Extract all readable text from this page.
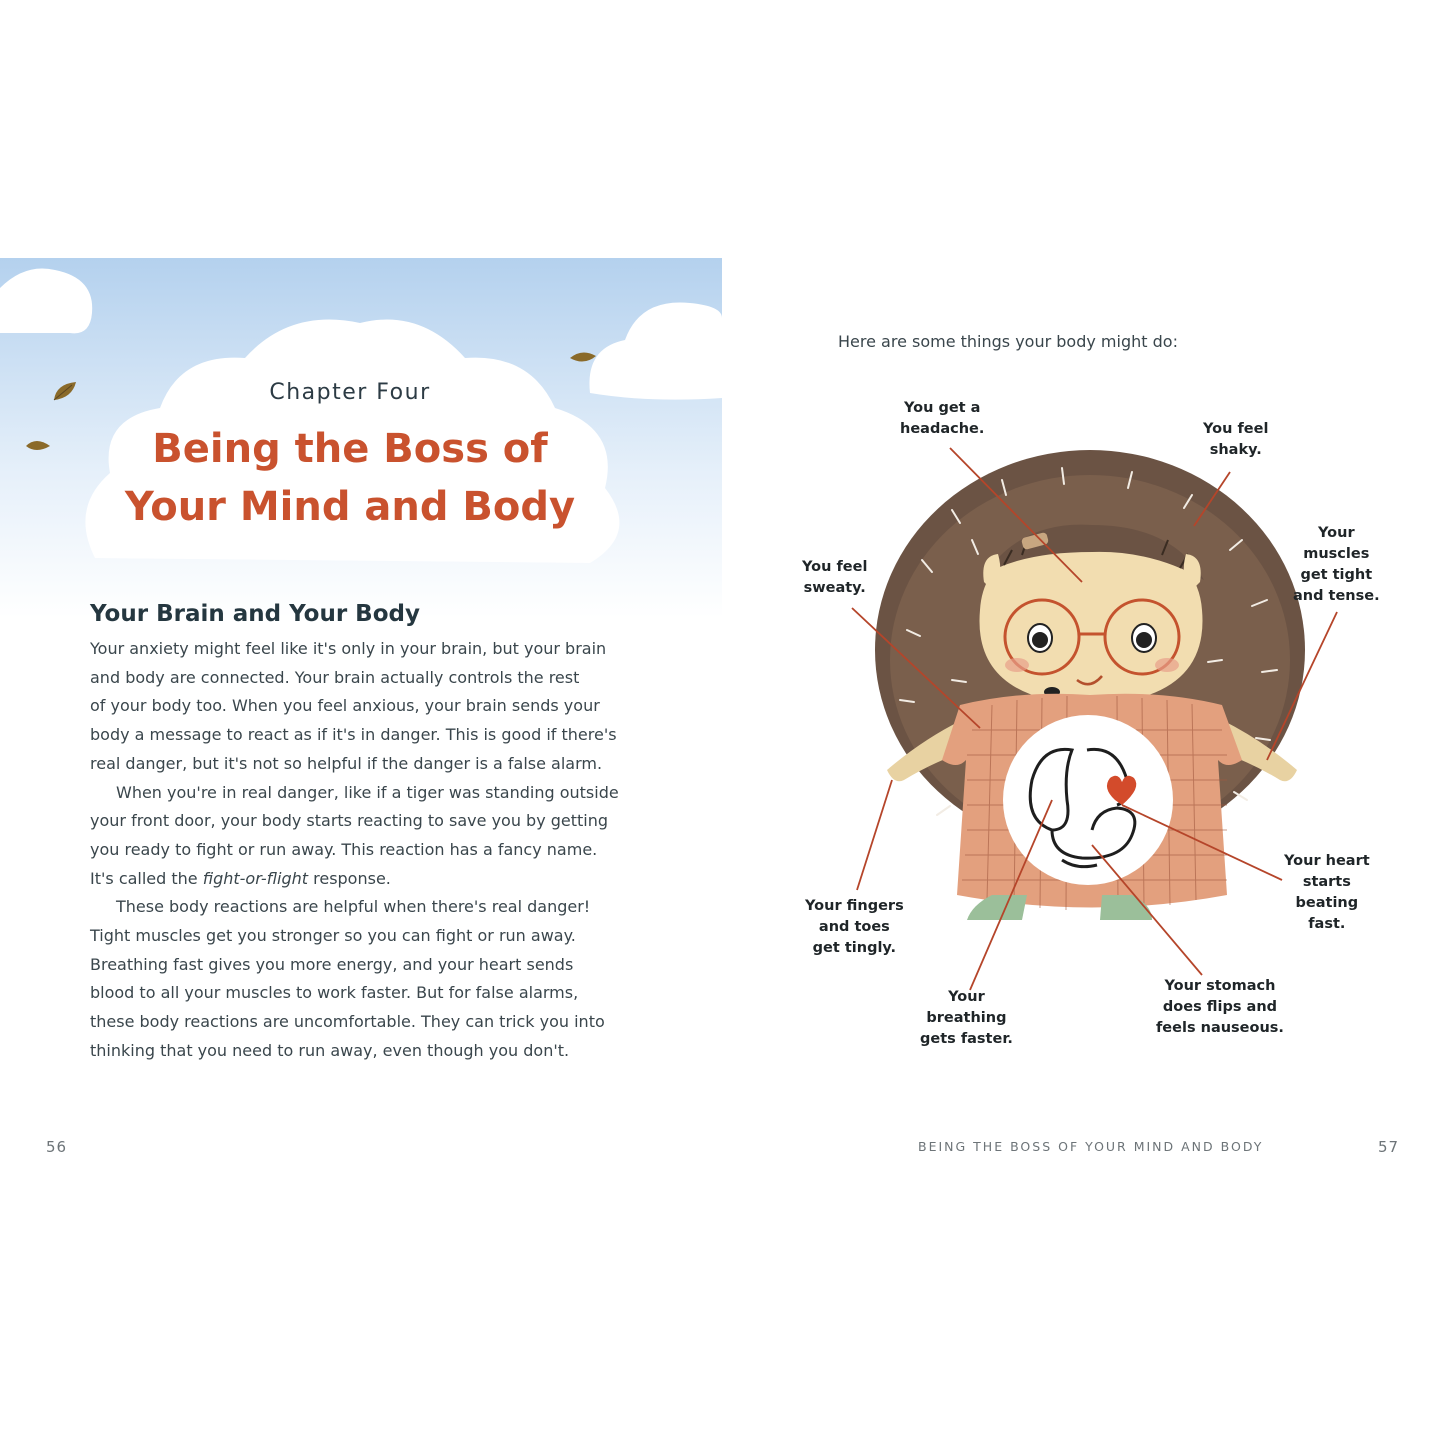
Chapter Four
Being the Boss of Your Mind and Body
Your Brain and Your Body
Your anxiety might feel like it's only in your brain, but your brain
and body are connected. Your brain actually controls the rest
of your body too. When you feel anxious, your brain sends your
body a message to react as if it's in danger. This is good if there's
real danger, but it's not so helpful if the danger is a false alarm.
When you're in real danger, like if a tiger was standing outside
your front door, your body starts reacting to save you by getting
you ready to fight or run away. This reaction has a fancy name.
It's called the fight-or-flight response.
These body reactions are helpful when there's real danger!
Tight muscles get you stronger so you can fight or run away.
Breathing fast gives you more energy, and your heart sends
blood to all your muscles to work faster. But for false alarms,
these body reactions are uncomfortable. They can trick you into
thinking that you need to run away, even though you don't.
56
Here are some things your body might do:
You get a
headache.	You feel
shaky.
You feel
sweaty.
Your
muscles
get tight
and tense.
Your heart
starts
beating
fast.
Your fingers
and toes
get tingly.
Your
breathing
gets faster.
Your stomach
does flips and
feels nauseous.
BEING THE BOSS OF YOUR MIND AND BODY	57
